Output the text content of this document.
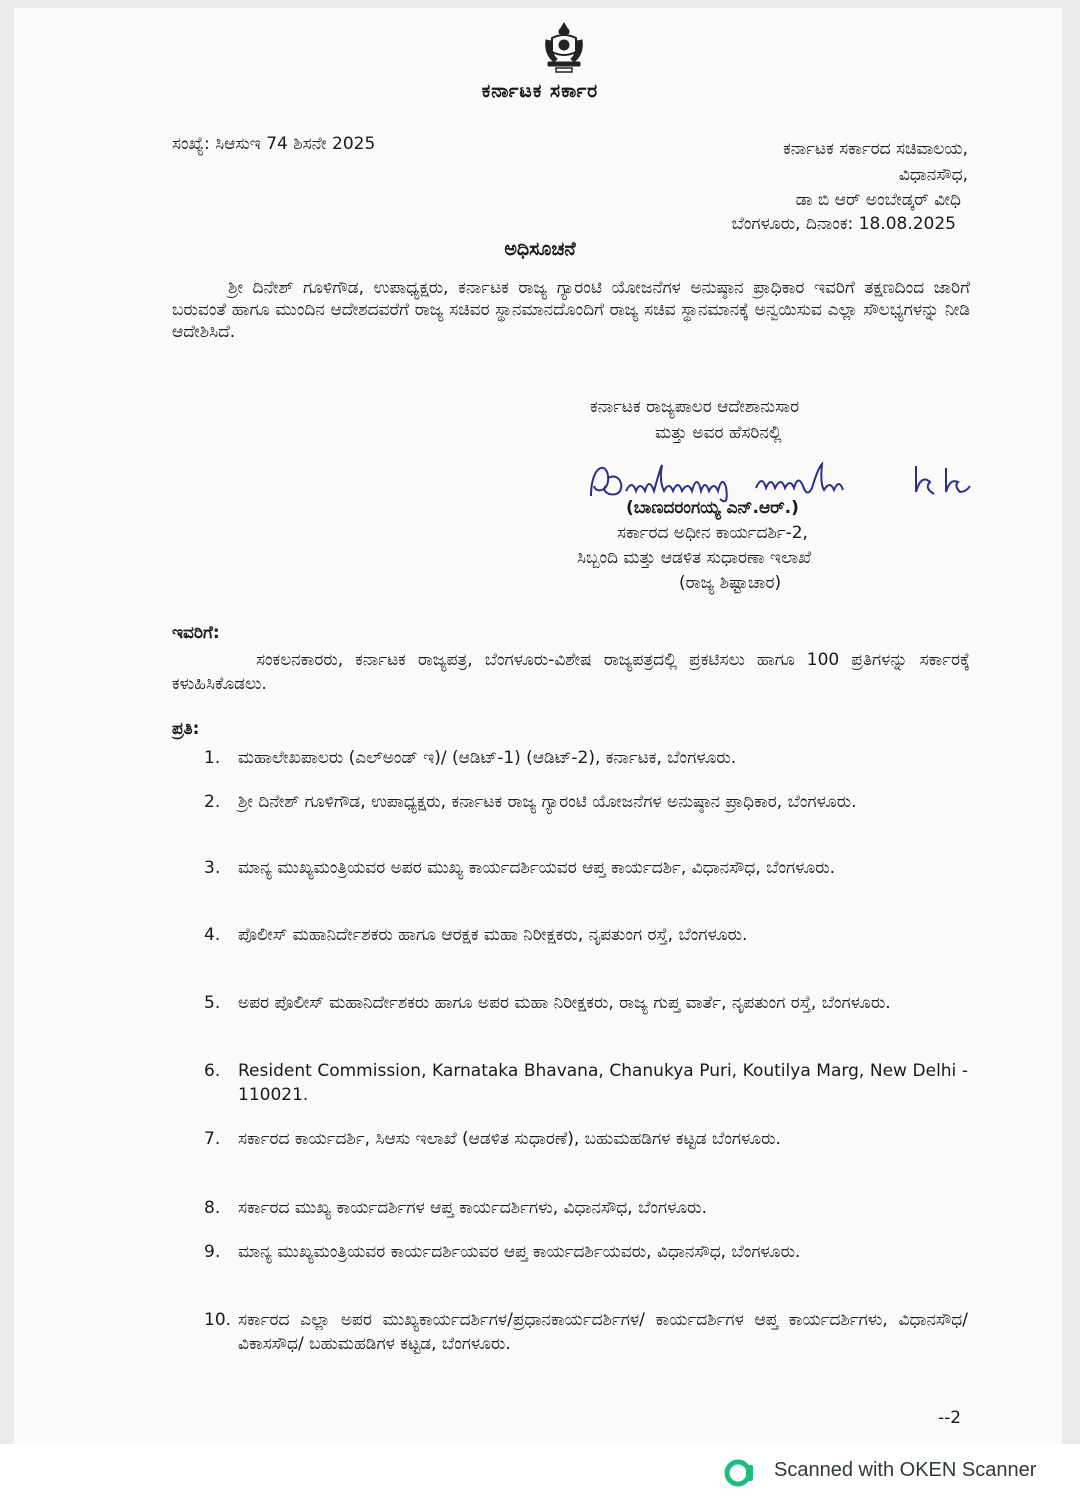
ಕರ್ನಾಟಕ ಸರ್ಕಾರ
ಸಂಖ್ಯೆ: ಸಿಆಸುಇ 74 ಶಿಸನೇ 2025	ಕರ್ನಾಟಕ ಸರ್ಕಾರದ ಸಚಿವಾಲಯ,
ವಿಧಾನಸೌಧ,
ಡಾ ಬಿ ಆರ್ ಅಂಬೇಡ್ಕರ್ ವೀಧಿ
ಬೆಂಗಳೂರು, ದಿನಾಂಕ: 18.08.2025
ಅಧಿಸೂಚನೆ
ಶ್ರೀ ದಿನೇಶ್ ಗೂಳಿಗೌಡ, ಉಪಾಧ್ಯಕ್ಷರು, ಕರ್ನಾಟಕ ರಾಜ್ಯ ಗ್ಯಾರಂಟಿ ಯೋಜನೆಗಳ ಅನುಷ್ಠಾನ ಪ್ರಾಧಿಕಾರ ಇವರಿಗೆ ತಕ್ಷಣದಿಂದ ಜಾರಿಗೆ ಬರುವಂತೆ ಹಾಗೂ ಮುಂದಿನ ಆದೇಶದವರೆಗೆ ರಾಜ್ಯ ಸಚಿವರ ಸ್ಥಾನಮಾನದೊಂದಿಗೆ ರಾಜ್ಯ ಸಚಿವ ಸ್ಥಾನಮಾನಕ್ಕೆ ಅನ್ವಯಿಸುವ ಎಲ್ಲಾ ಸೌಲಭ್ಯಗಳನ್ನು ನೀಡಿ ಆದೇಶಿಸಿದೆ.
ಕರ್ನಾಟಕ ರಾಜ್ಯಪಾಲರ ಆದೇಶಾನುಸಾರ
ಮತ್ತು ಅವರ ಹೆಸರಿನಲ್ಲಿ
(ಬಾಣದರಂಗಯ್ಯ ಎನ್.ಆರ್.)
ಸರ್ಕಾರದ ಅಧೀನ ಕಾರ್ಯದರ್ಶಿ-2,
ಸಿಬ್ಬಂದಿ ಮತ್ತು ಆಡಳಿತ ಸುಧಾರಣಾ ಇಲಾಖೆ
(ರಾಜ್ಯ ಶಿಷ್ಟಾಚಾರ)
ಇವರಿಗೆ:
ಸಂಕಲನಕಾರರು, ಕರ್ನಾಟಕ ರಾಜ್ಯಪತ್ರ, ಬೆಂಗಳೂರು-ವಿಶೇಷ ರಾಜ್ಯಪತ್ರದಲ್ಲಿ ಪ್ರಕಟಿಸಲು ಹಾಗೂ 100 ಪ್ರತಿಗಳನ್ನು ಸರ್ಕಾರಕ್ಕೆ ಕಳುಹಿಸಿಕೊಡಲು.
ಪ್ರತಿ:
1.	ಮಹಾಲೇಖಪಾಲರು (ಎಲ್‌ಅಂಡ್ ಇ)/ (ಆಡಿಟ್-1) (ಆಡಿಟ್-2), ಕರ್ನಾಟಕ, ಬೆಂಗಳೂರು.
2.	ಶ್ರೀ ದಿನೇಶ್ ಗೂಳಿಗೌಡ, ಉಪಾಧ್ಯಕ್ಷರು, ಕರ್ನಾಟಕ ರಾಜ್ಯ ಗ್ಯಾರಂಟಿ ಯೋಜನೆಗಳ ಅನುಷ್ಠಾನ ಪ್ರಾಧಿಕಾರ, ಬೆಂಗಳೂರು.
3.	ಮಾನ್ಯ ಮುಖ್ಯಮಂತ್ರಿಯವರ ಅಪರ ಮುಖ್ಯ ಕಾರ್ಯದರ್ಶಿಯವರ ಆಪ್ತ ಕಾರ್ಯದರ್ಶಿ, ವಿಧಾನಸೌಧ, ಬೆಂಗಳೂರು.
4.	ಪೊಲೀಸ್ ಮಹಾನಿರ್ದೇಶಕರು ಹಾಗೂ ಆರಕ್ಷಕ ಮಹಾ ನಿರೀಕ್ಷಕರು, ನೃಪತುಂಗ ರಸ್ತೆ, ಬೆಂಗಳೂರು.
5.	ಅಪರ ಪೊಲೀಸ್ ಮಹಾನಿರ್ದೇಶಕರು ಹಾಗೂ ಅಪರ ಮಹಾ ನಿರೀಕ್ಷಕರು, ರಾಜ್ಯ ಗುಪ್ತ ವಾರ್ತೆ, ನೃಪತುಂಗ ರಸ್ತೆ, ಬೆಂಗಳೂರು.
6.	Resident Commission, Karnataka Bhavana, Chanukya Puri, Koutilya Marg, New Delhi - 110021.
7.	ಸರ್ಕಾರದ ಕಾರ್ಯದರ್ಶಿ, ಸಿಆಸು ಇಲಾಖೆ (ಆಡಳಿತ ಸುಧಾರಣೆ), ಬಹುಮಹಡಿಗಳ ಕಟ್ಟಡ ಬೆಂಗಳೂರು.
8.	ಸರ್ಕಾರದ ಮುಖ್ಯ ಕಾರ್ಯದರ್ಶಿಗಳ ಆಪ್ತ ಕಾರ್ಯದರ್ಶಿಗಳು, ವಿಧಾನಸೌಧ, ಬೆಂಗಳೂರು.
9.	ಮಾನ್ಯ ಮುಖ್ಯಮಂತ್ರಿಯವರ ಕಾರ್ಯದರ್ಶಿಯವರ ಆಪ್ತ ಕಾರ್ಯದರ್ಶಿಯವರು, ವಿಧಾನಸೌಧ, ಬೆಂಗಳೂರು.
10. ಸರ್ಕಾರದ ಎಲ್ಲಾ ಅಪರ ಮುಖ್ಯಕಾರ್ಯದರ್ಶಿಗಳ/ಪ್ರಧಾನಕಾರ್ಯದರ್ಶಿಗಳ/ ಕಾರ್ಯದರ್ಶಿಗಳ ಆಪ್ತ ಕಾರ್ಯದರ್ಶಿಗಳು, ವಿಧಾನಸೌಧ/ ವಿಕಾಸಸೌಧ/ ಬಹುಮಹಡಿಗಳ ಕಟ್ಟಡ, ಬೆಂಗಳೂರು.
--2
Scanned with OKEN Scanner
